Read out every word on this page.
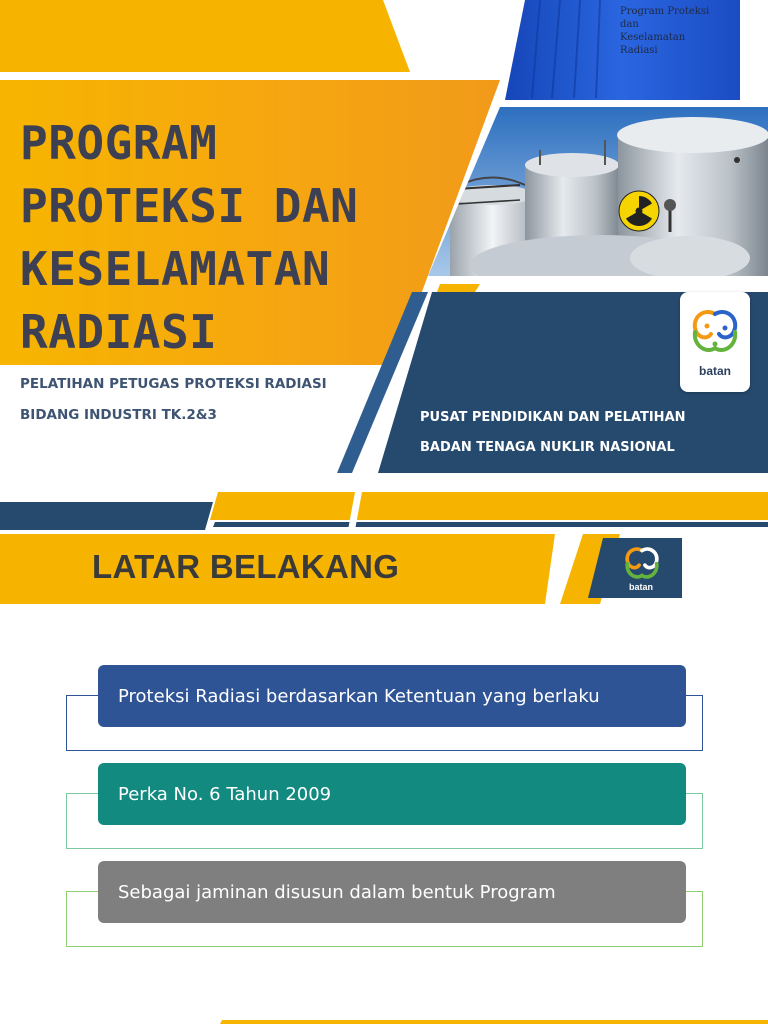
Program Proteksi
dan
Keselamatan
Radiasi
PROGRAM
PROTEKSI DAN
KESELAMATAN
RADIASI
PELATIHAN PETUGAS PROTEKSI RADIASI
BIDANG INDUSTRI TK.2&3	PUSAT PENDIDIKAN DAN PELATIHAN
BADAN TENAGA NUKLIR NASIONAL
batan
LATAR BELAKANG
batan
Proteksi Radiasi berdasarkan Ketentuan yang berlaku
Perka No. 6 Tahun 2009
Sebagai jaminan disusun dalam bentuk Program
